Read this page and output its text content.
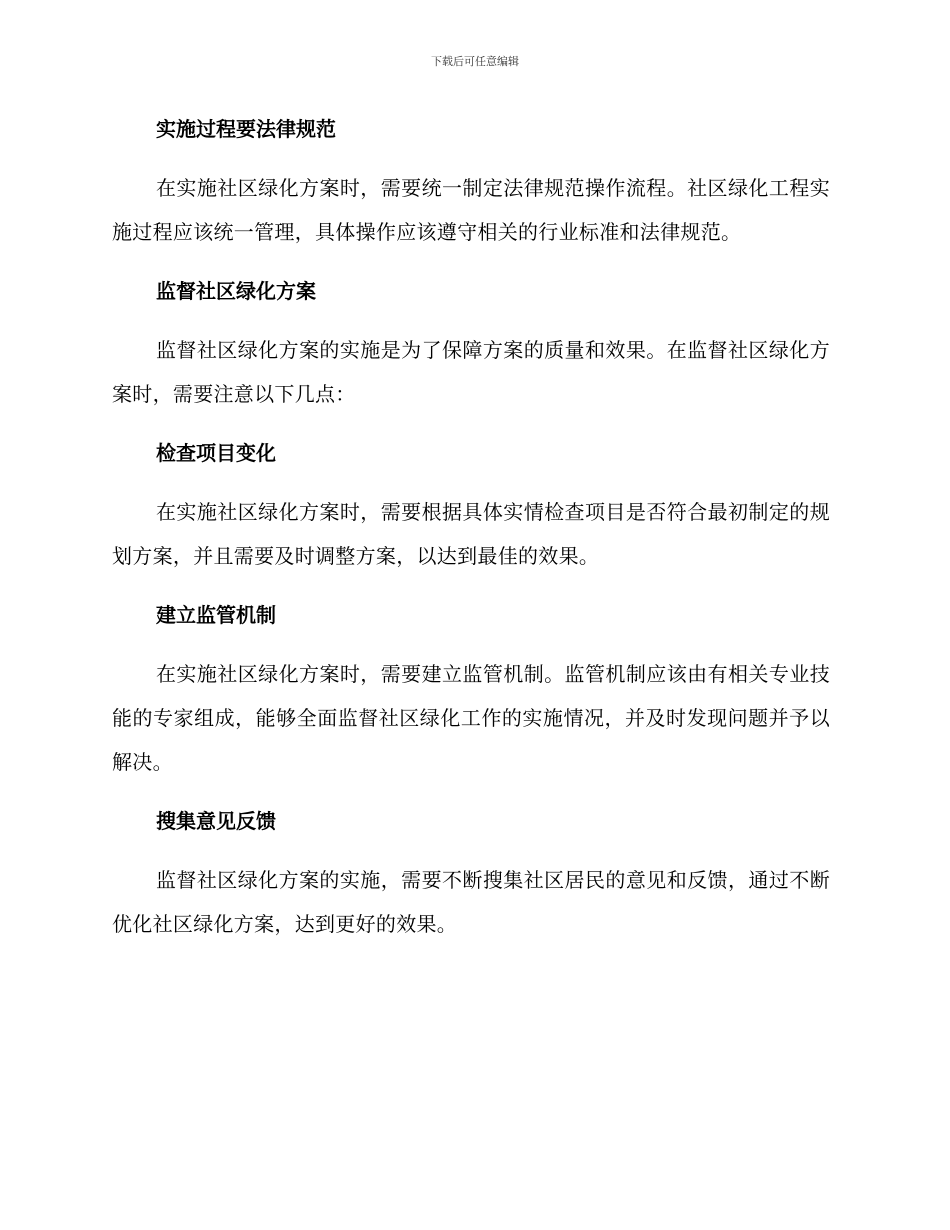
下载后可任意编辑
实施过程要法律规范

在实施社区绿化方案时，需要统一制定法律规范操作流程。社区绿化工程实施过程应该统一管理，具体操作应该遵守相关的行业标准和法律规范。

监督社区绿化方案

监督社区绿化方案的实施是为了保障方案的质量和效果。在监督社区绿化方案时，需要注意以下几点：

检查项目变化

在实施社区绿化方案时，需要根据具体实情检查项目是否符合最初制定的规划方案，并且需要及时调整方案，以达到最佳的效果。

建立监管机制

在实施社区绿化方案时，需要建立监管机制。监管机制应该由有相关专业技能的专家组成，能够全面监督社区绿化工作的实施情况，并及时发现问题并予以解决。

搜集意见反馈

监督社区绿化方案的实施，需要不断搜集社区居民的意见和反馈，通过不断优化社区绿化方案，达到更好的效果。
